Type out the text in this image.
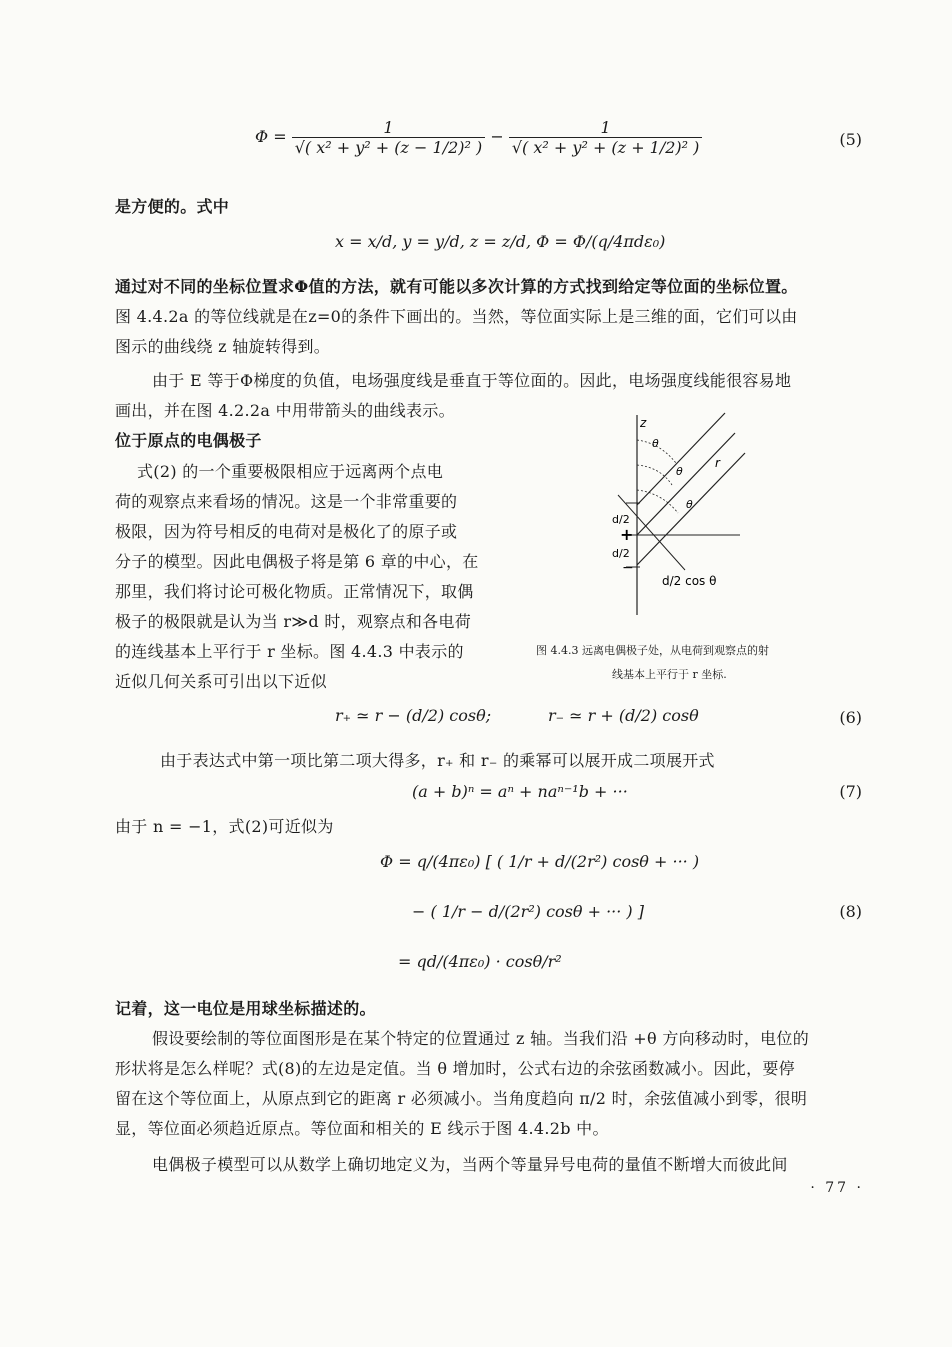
$\Phi = \frac{1}{\text{√( x² + y² + (z − 1/2)² )}} - \frac{1}{\text{√( x² + y² + (z + 1/2)² )}}$	(5)
是方便的。式中
x = x/d, y = y/d, z = z/d, Φ = Φ/(q/4πdε₀)
通过对不同的坐标位置求Φ值的方法，就有可能以多次计算的方式找到给定等位面的坐标位置。
图 4.4.2a 的等位线就是在z=0的条件下画出的。当然，等位面实际上是三维的面，它们可以由
图示的曲线绕 z 轴旋转得到。
由于 E 等于Φ梯度的负值，电场强度线是垂直于等位面的。因此，电场强度线能很容易地
画出，并在图 4.2.2a 中用带箭头的曲线表示。
位于原点的电偶极子
式(2) 的一个重要极限相应于远离两个点电
荷的观察点来看场的情况。这是一个非常重要的
极限，因为符号相反的电荷对是极化了的原子或
分子的模型。因此电偶极子将是第 6 章的中心，在
那里，我们将讨论可极化物质。正常情况下，取偶
极子的极限就是认为当 r≫d 时，观察点和各电荷
的连线基本上平行于 r 坐标。图 4.4.3 中表示的
近似几何关系可引出以下近似
z
θ
θ
θ
r
d/2
+
d/2
−
d/2 cos θ
图 4.4.3 远离电偶极子处，从电荷到观察点的射
线基本上平行于 r 坐标.
r₊ ≃ r − (d/2) cosθ;	r₋ ≃ r + (d/2) cosθ	(6)
由于表达式中第一项比第二项大得多，r₊ 和 r₋ 的乘幂可以展开成二项展开式
(a + b)ⁿ = aⁿ + naⁿ⁻¹b + ···	(7)
由于 n = −1，式(2)可近似为
Φ = q/(4πε₀) [ ( 1/r + d/(2r²) cosθ + ··· )
− ( 1/r − d/(2r²) cosθ + ··· ) ]	(8)
= qd/(4πε₀) · cosθ/r²
记着，这一电位是用球坐标描述的。
假设要绘制的等位面图形是在某个特定的位置通过 z 轴。当我们沿 +θ 方向移动时，电位的
形状将是怎么样呢？式(8)的左边是定值。当 θ 增加时，公式右边的余弦函数减小。因此，要停
留在这个等位面上，从原点到它的距离 r 必须减小。当角度趋向 π/2 时，余弦值减小到零，很明
显，等位面必须趋近原点。等位面和相关的 E 线示于图 4.4.2b 中。
电偶极子模型可以从数学上确切地定义为，当两个等量异号电荷的量值不断增大而彼此间
· 77 ·
